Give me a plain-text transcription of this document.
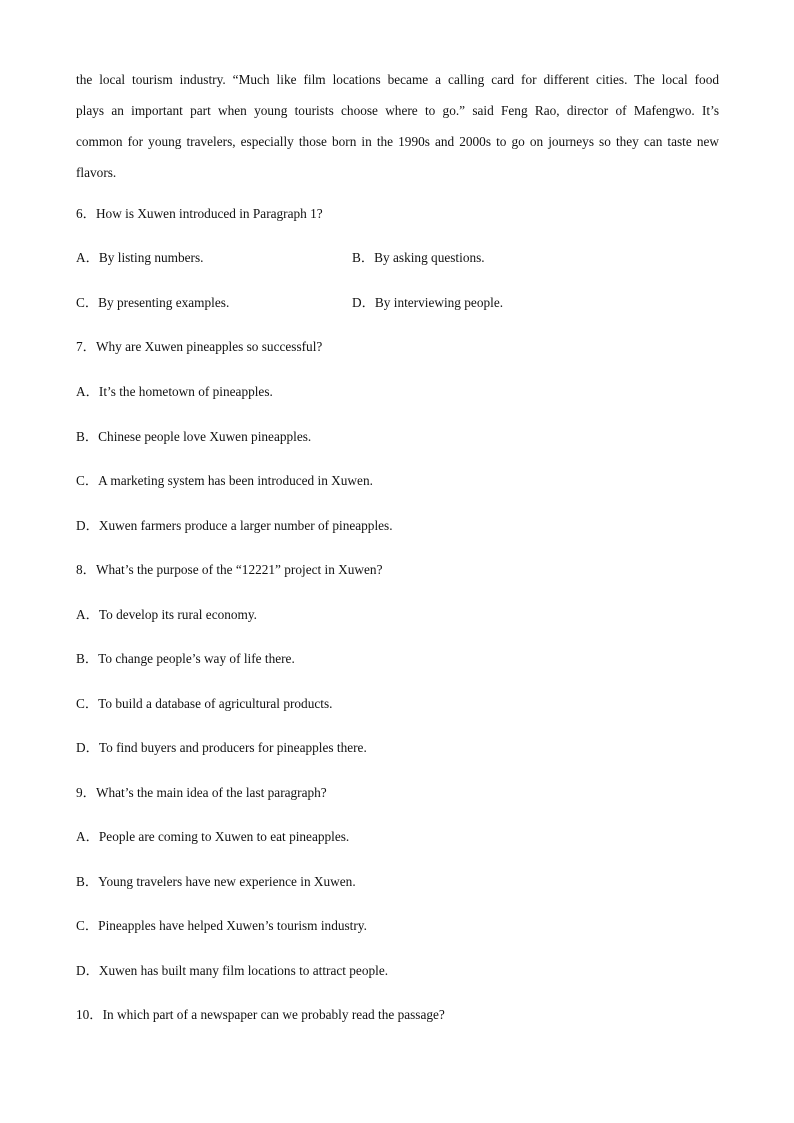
the local tourism industry. “Much like film locations became a calling card for different cities. The local food
plays an important part when young tourists choose where to go.” said Feng Rao, director of Mafengwo. It’s
common for young travelers, especially those born in the 1990s and 2000s to go on journeys so they can taste new
flavors.

6．How is Xuwen introduced in Paragraph 1?
A．By listing numbers.	B．By asking questions.
C．By presenting examples.	D．By interviewing people.
7．Why are Xuwen pineapples so successful?
A．It’s the hometown of pineapples.
B．Chinese people love Xuwen pineapples.
C．A marketing system has been introduced in Xuwen.
D．Xuwen farmers produce a larger number of pineapples.
8．What’s the purpose of the “12221” project in Xuwen?
A．To develop its rural economy.
B．To change people’s way of life there.
C．To build a database of agricultural products.
D．To find buyers and producers for pineapples there.
9．What’s the main idea of the last paragraph?
A．People are coming to Xuwen to eat pineapples.
B．Young travelers have new experience in Xuwen.
C．Pineapples have helped Xuwen’s tourism industry.
D．Xuwen has built many film locations to attract people.
10．In which part of a newspaper can we probably read the passage?
